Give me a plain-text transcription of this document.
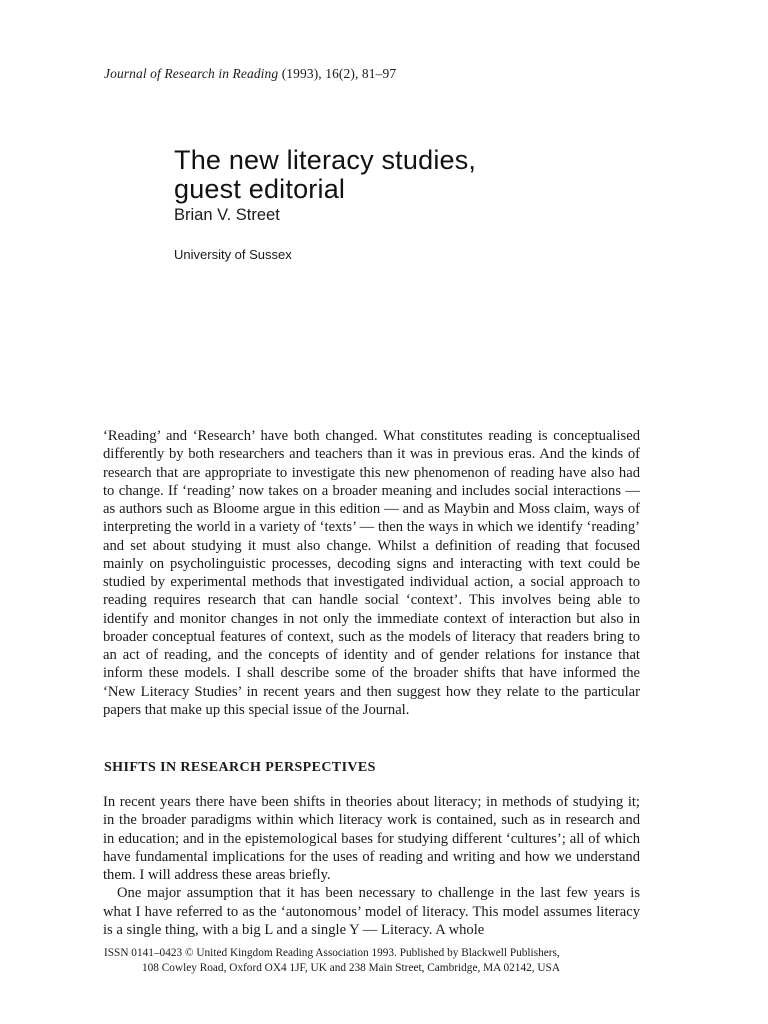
Journal of Research in Reading (1993), 16(2), 81–97
The new literacy studies,
guest editorial
Brian V. Street
University of Sussex

‘Reading’ and ‘Research’ have both changed. What constitutes reading is conceptualised differently by both researchers and teachers than it was in previous eras. And the kinds of research that are appropriate to investigate this new phenomenon of reading have also had to change. If ‘reading’ now takes on a broader meaning and includes social interactions — as authors such as Bloome argue in this edition — and as Maybin and Moss claim, ways of interpreting the world in a variety of ‘texts’ — then the ways in which we identify ‘reading’ and set about studying it must also change. Whilst a definition of reading that focused mainly on psycholinguistic processes, decoding signs and interacting with text could be studied by experimental methods that investigated individual action, a social approach to reading requires research that can handle social ‘context’. This involves being able to identify and monitor changes in not only the immediate context of interaction but also in broader conceptual features of context, such as the models of literacy that readers bring to an act of reading, and the concepts of identity and of gender relations for instance that inform these models. I shall describe some of the broader shifts that have informed the ‘New Literacy Studies’ in recent years and then suggest how they relate to the particular papers that make up this special issue of the Journal.

SHIFTS IN RESEARCH PERSPECTIVES

In recent years there have been shifts in theories about literacy; in methods of studying it; in the broader paradigms within which literacy work is contained, such as in research and in education; and in the epistemological bases for studying different ‘cultures’; all of which have fundamental implications for the uses of reading and writing and how we understand them. I will address these areas briefly.

One major assumption that it has been necessary to challenge in the last few years is what I have referred to as the ‘autonomous’ model of literacy. This model assumes literacy is a single thing, with a big L and a single Y — Literacy. A whole

ISSN 0141–0423 © United Kingdom Reading Association 1993. Published by Blackwell Publishers,
108 Cowley Road, Oxford OX4 1JF, UK and 238 Main Street, Cambridge, MA 02142, USA
